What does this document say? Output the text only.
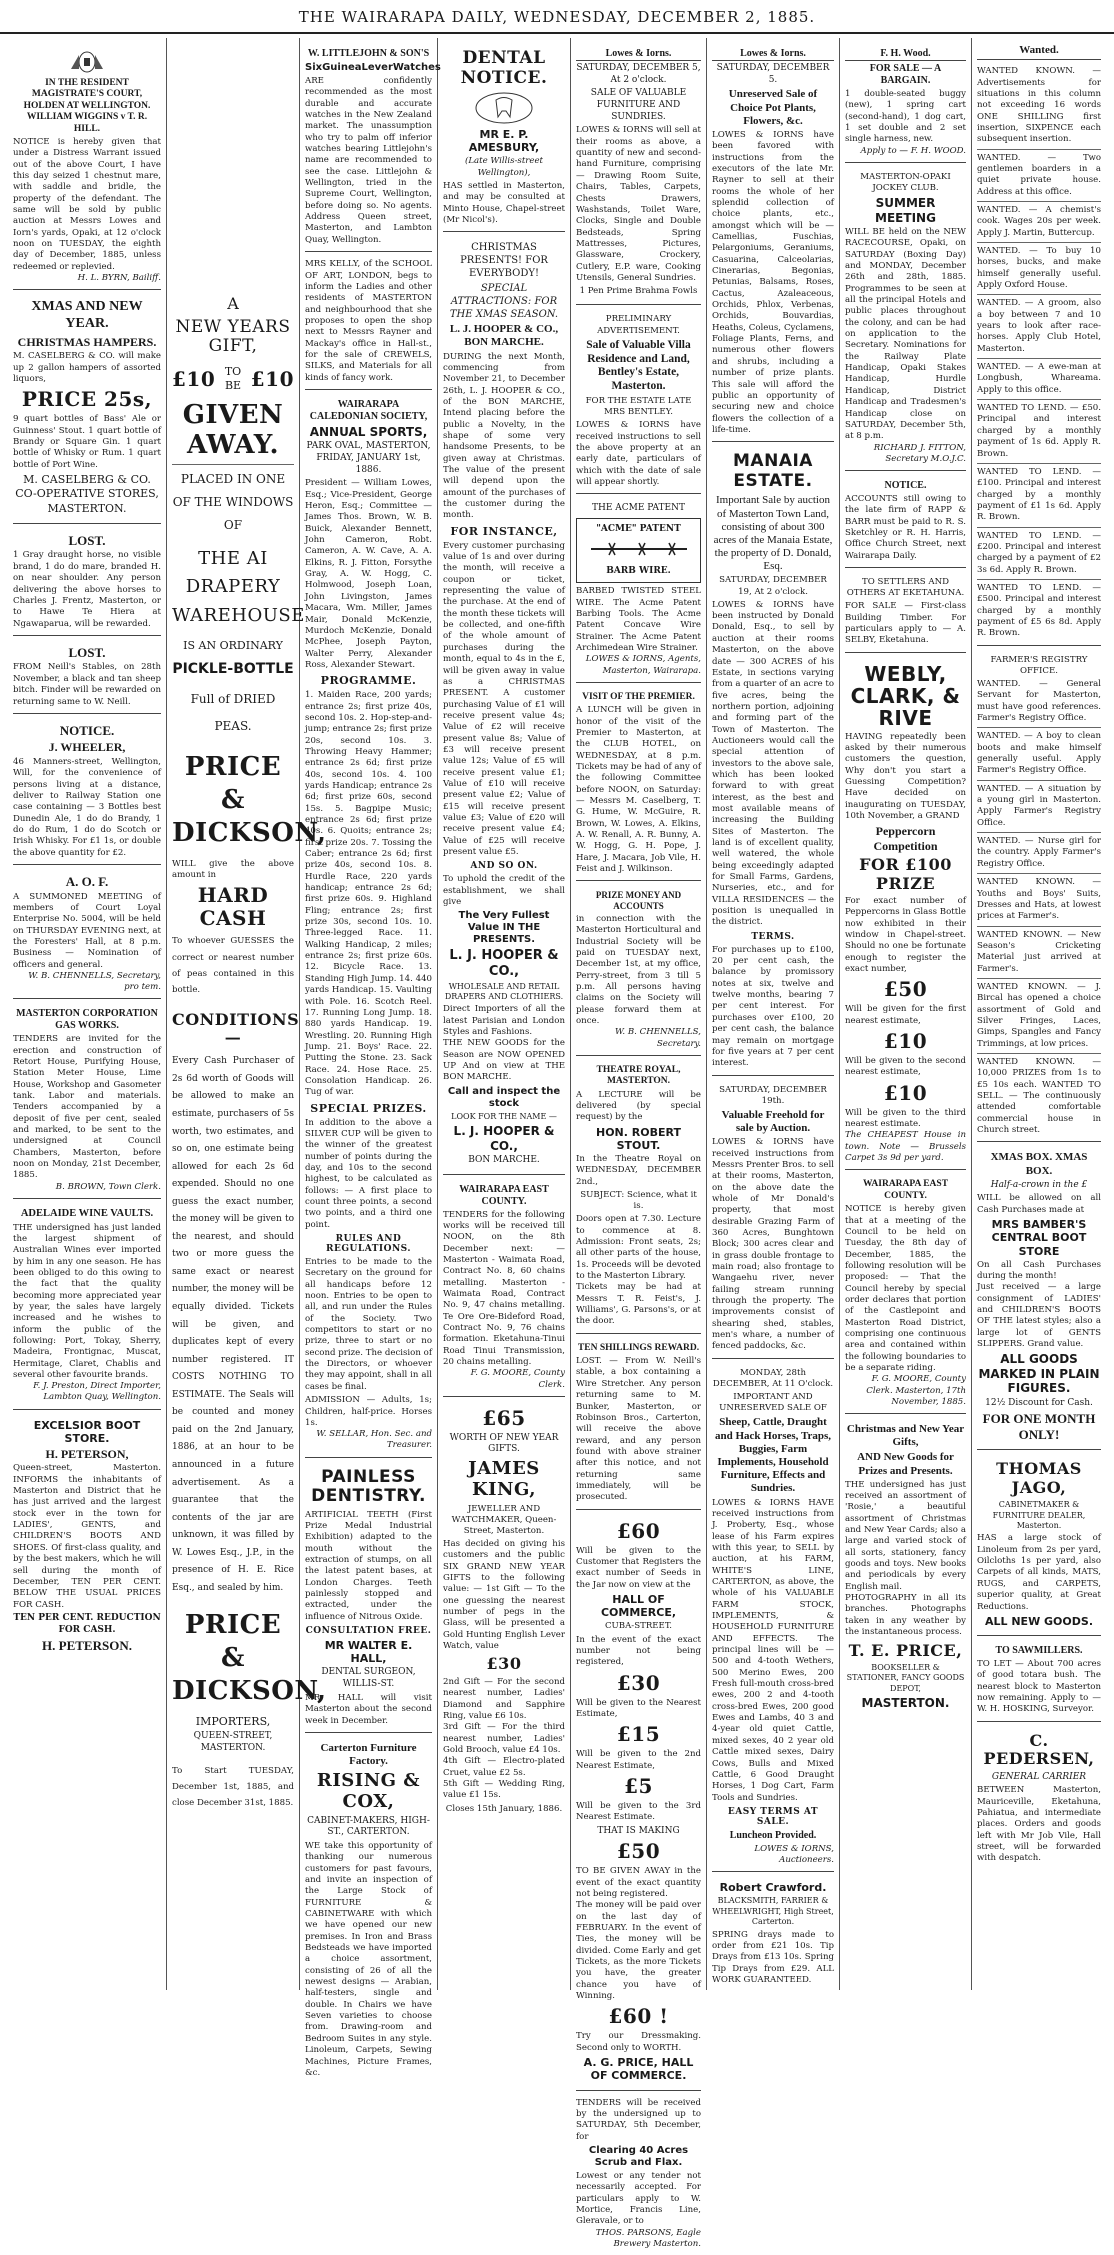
THE WAIRARAPA DAILY, WEDNESDAY, DECEMBER 2, 1885.
IN THE RESIDENT MAGISTRATE'S COURT, HOLDEN AT WELLINGTON. WILLIAM WIGGINS v T. R. HILL.
NOTICE is hereby given that under a Distress Warrant issued out of the above Court, I have this day seized 1 chestnut mare, with saddle and bridle, the property of the defendant. The same will be sold by public auction at Messrs Lowes and Iorn's yards, Opaki, at 12 o'clock noon on TUESDAY, the eighth day of December, 1885, unless redeemed or replevied.
H. L. BYRN, Bailiff.
XMAS AND NEW YEAR.
CHRISTMAS HAMPERS.
M. CASELBERG & CO. will make up 2 gallon hampers of assorted liquors,
PRICE 25s,
9 quart bottles of Bass' Ale or Guinness' Stout. 1 quart bottle of Brandy or Square Gin. 1 quart bottle of Whisky or Rum. 1 quart bottle of Port Wine.
M. CASELBERG & CO. CO-OPERATIVE STORES, MASTERTON.
LOST.
1 Gray draught horse, no visible brand, 1 do do mare, branded H. on near shoulder. Any person delivering the above horses to Charles J. Frentz, Masterton, or to Hawe Te Hiera at Ngawaparua, will be rewarded.
LOST.
FROM Neill's Stables, on 28th November, a black and tan sheep bitch. Finder will be rewarded on returning same to W. Neill.
NOTICE.
J. WHEELER,
46 Manners-street, Wellington, Will, for the convenience of persons living at a distance, deliver to Railway Station one case containing — 3 Bottles best Dunedin Ale, 1 do do Brandy, 1 do do Rum, 1 do do Scotch or Irish Whisky. For £1 1s, or double the above quantity for £2.
A. O. F.
A SUMMONED MEETING of members of Court Loyal Enterprise No. 5004, will be held on THURSDAY EVENING next, at the Foresters' Hall, at 8 p.m. Business — Nomination of officers and general.
W. B. CHENNELLS, Secretary, pro tem.
MASTERTON CORPORATION GAS WORKS.
TENDERS are invited for the erection and construction of Retort House, Purifying House, Station Meter House, Lime House, Workshop and Gasometer tank. Labor and materials. Tenders accompanied by a deposit of five per cent, sealed and marked, to be sent to the undersigned at Council Chambers, Masterton, before noon on Monday, 21st December, 1885.
B. BROWN, Town Clerk.
ADELAIDE WINE VAULTS.
THE undersigned has just landed the largest shipment of Australian Wines ever imported by him in any one season. He has been obliged to do this owing to the fact that the quality becoming more appreciated year by year, the sales have largely increased and he wishes to inform the public of the following: Port, Tokay, Sherry, Madeira, Frontignac, Muscat, Hermitage, Claret, Chablis and several other favourite brands.
F. J. Preston, Direct Importer, Lambton Quay, Wellington.
EXCELSIOR BOOT STORE.
H. PETERSON,
Queen-street, Masterton. INFORMS the inhabitants of Masterton and District that he has just arrived and the largest stock ever in the town for LADIES', GENTS, and CHILDREN'S BOOTS AND SHOES. Of first-class quality, and by the best makers, which he will sell during the month of December, TEN PER CENT. BELOW THE USUAL PRICES FOR CASH.
TEN PER CENT. REDUCTION FOR CASH.
H. PETERSON.
A
NEW YEARS GIFT,
£10 TO BE £10
GIVEN AWAY.
PLACED IN ONE OF THE WINDOWS OF
THE AI DRAPERY WAREHOUSE
IS AN ORDINARY
PICKLE-BOTTLE
Full of DRIED PEAS.
PRICE
&
DICKSON,
WILL give the above amount in
HARD CASH
To whoever GUESSES the correct or nearest number of peas contained in this bottle.
CONDITIONS—
Every Cash Purchaser of 2s 6d worth of Goods will be allowed to make an estimate, purchasers of 5s worth, two estimates, and so on, one estimate being allowed for each 2s 6d expended. Should no one guess the exact number, the money will be given to the nearest, and should two or more guess the same exact or nearest number, the money will be equally divided. Tickets will be given, and duplicates kept of every number registered. IT COSTS NOTHING TO ESTIMATE. The Seals will be counted and money paid on the 2nd January, 1886, at an hour to be announced in a future advertisement. As a guarantee that the contents of the jar are unknown, it was filled by W. Lowes Esq., J.P., in the presence of H. E. Rice Esq., and sealed by him.
PRICE
&
DICKSON,
IMPORTERS,
QUEEN-STREET, MASTERTON.
To Start TUESDAY, December 1st, 1885, and close December 31st, 1885.
W. LITTLEJOHN & SON'S
SixGuineaLeverWatches
ARE confidently recommended as the most durable and accurate watches in the New Zealand market. The unassumption who try to palm off inferior watches bearing Littlejohn's name are recommended to see the case. Littlejohn & Wellington, tried in the Supreme Court, Wellington, before doing so. No agents. Address Queen street, Masterton, and Lambton Quay, Wellington.
MRS KELLY, of the SCHOOL OF ART, LONDON, begs to inform the Ladies and other residents of MASTERTON and neighbourhood that she proposes to open the shop next to Messrs Rayner and Mackay's office in Hall-st., for the sale of CREWELS, SILKS, and Materials for all kinds of fancy work.
WAIRARAPA CALEDONIAN SOCIETY,
ANNUAL SPORTS,
PARK OVAL, MASTERTON, FRIDAY, JANUARY 1st, 1886.
President — William Lowes, Esq.; Vice-President, George Heron, Esq.; Committee — James Thos. Brown, W. B. Buick, Alexander Bennett, John Cameron, Robt. Cameron, A. W. Cave, A. A. Elkins, R. J. Fitton, Forsythe Gray, A. W. Hogg, C. Holmwood, Joseph Loan, John Livingston, James Macara, Wm. Miller, James Mair, Donald McKenzie, Murdoch McKenzie, Donald McPhee, Joseph Payton, Walter Perry, Alexander Ross, Alexander Stewart.
PROGRAMME.
1. Maiden Race, 200 yards; entrance 2s; first prize 40s, second 10s. 2. Hop-step-and-jump; entrance 2s; first prize 20s, second 10s. 3. Throwing Heavy Hammer; entrance 2s 6d; first prize 40s, second 10s. 4. 100 yards Handicap; entrance 2s 6d; first prize 60s, second 15s. 5. Bagpipe Music; entrance 2s 6d; first prize 40s. 6. Quoits; entrance 2s; first prize 20s. 7. Tossing the Caber; entrance 2s 6d; first prize 40s, second 10s. 8. Hurdle Race, 220 yards handicap; entrance 2s 6d; first prize 60s. 9. Highland Fling; entrance 2s; first prize 30s, second 10s. 10. Three-legged Race. 11. Walking Handicap, 2 miles; entrance 2s; first prize 60s. 12. Bicycle Race. 13. Standing High Jump. 14. 440 yards Handicap. 15. Vaulting with Pole. 16. Scotch Reel. 17. Running Long Jump. 18. 880 yards Handicap. 19. Wrestling. 20. Running High Jump. 21. Boys' Race. 22. Putting the Stone. 23. Sack Race. 24. Hose Race. 25. Consolation Handicap. 26. Tug of war.
SPECIAL PRIZES.
In addition to the above a SILVER CUP will be given to the winner of the greatest number of points during the day, and 10s to the second highest, to be calculated as follows: — A first place to count three points, a second two points, and a third one point.
RULES AND REGULATIONS.
Entries to be made to the Secretary on the ground for all handicaps before 12 noon. Entries to be open to all, and run under the Rules of the Society. Two competitors to start or no prize, three to start or no second prize. The decision of the Directors, or whoever they may appoint, shall in all cases be final.
ADMISSION — Adults, 1s; Children, half-price. Horses 1s.
W. SELLAR, Hon. Sec. and Treasurer.
PAINLESS DENTISTRY.
ARTIFICIAL TEETH (First Prize Medal Industrial Exhibition) adapted to the mouth without the extraction of stumps, on all the latest patent bases, at London Charges. Teeth painlessly stopped and extracted, under the influence of Nitrous Oxide.
CONSULTATION FREE.
MR WALTER E. HALL,
DENTAL SURGEON, WILLIS-ST.
MR HALL will visit Masterton about the second week in December.
Carterton Furniture Factory.
RISING & COX,
CABINET-MAKERS, HIGH-ST., CARTERTON.
WE take this opportunity of thanking our numerous customers for past favours, and invite an inspection of the Large Stock of FURNITURE & CABINETWARE with which we have opened our new premises. In Iron and Brass Bedsteads we have imported a choice assortment, consisting of 26 of all the newest designs — Arabian, half-testers, single and double. In Chairs we have Seven varieties to choose from. Drawing-room and Bedroom Suites in any style. Linoleum, Carpets, Sewing Machines, Picture Frames, &c.
DENTAL NOTICE.
MR E. P. AMESBURY,
(Late Willis-street Wellington),
HAS settled in Masterton, and may be consulted at Minto House, Chapel-street (Mr Nicol's).
CHRISTMAS PRESENTS! FOR EVERYBODY!
SPECIAL ATTRACTIONS: FOR THE XMAS SEASON.
L. J. HOOPER & CO., BON MARCHE.
DURING the next Month, commencing from November 21, to December 26th, L. J. HOOPER & CO., of the BON MARCHE, Intend placing before the public a Novelty, in the shape of some very handsome Presents, to be given away at Christmas. The value of the present will depend upon the amount of the purchases of the customer during the month.
FOR INSTANCE,
Every customer purchasing value of 1s and over during the month, will receive a coupon or ticket, representing the value of the purchase. At the end of the month these tickets will be collected, and one-fifth of the whole amount of purchases during the month, equal to 4s in the £, will be given away in value as a CHRISTMAS PRESENT. A customer purchasing Value of £1 will receive present value 4s; Value of £2 will receive present value 8s; Value of £3 will receive present value 12s; Value of £5 will receive present value £1; Value of £10 will receive present value £2; Value of £15 will receive present value £3; Value of £20 will receive present value £4; Value of £25 will receive present value £5.
AND SO ON.
To uphold the credit of the establishment, we shall give
The Very Fullest Value IN THE PRESENTS.
L. J. HOOPER & CO.,
WHOLESALE AND RETAIL DRAPERS AND CLOTHIERS.
Direct Importers of all the latest Parisian and London Styles and Fashions.
THE NEW GOODS for the Season are NOW OPENED UP And on view at THE BON MARCHE.
Call and inspect the stock
LOOK FOR THE NAME —
L. J. HOOPER & CO.,
BON MARCHE.
WAIRARAPA EAST COUNTY.
TENDERS for the following works will be received till NOON, on the 8th December next: — Masterton - Waimata Road, Contract No. 8, 60 chains metalling. Masterton - Waimata Road, Contract No. 9, 47 chains metalling. Te Ore Ore-Bideford Road, Contract No. 9, 76 chains formation. Eketahuna-Tinui Road Tinui Transmission, 20 chains metalling.
F. G. MOORE, County Clerk.
£65
WORTH OF NEW YEAR GIFTS.
JAMES KING,
JEWELLER AND WATCHMAKER, Queen-Street, Masterton.
Has decided on giving his customers and the public SIX GRAND NEW YEAR GIFTS to the following value: — 1st Gift — To the one guessing the nearest number of pegs in the Glass, will be presented a Gold Hunting English Lever Watch, value
£30
2nd Gift — For the second nearest number, Ladies' Diamond and Sapphire Ring, value £6 10s.
3rd Gift — For the third nearest number, Ladies' Gold Brooch, value £4 10s.
4th Gift — Electro-plated Cruet, value £2 5s.
5th Gift — Wedding Ring, value £1 15s.
Closes 15th January, 1886.
Lowes & Iorns.
SATURDAY, DECEMBER 5, At 2 o'clock.
SALE OF VALUABLE FURNITURE AND SUNDRIES.
LOWES & IORNS will sell at their rooms as above, a quantity of new and second-hand Furniture, comprising — Drawing Room Suite, Chairs, Tables, Carpets, Chests Drawers, Washstands, Toilet Ware, Clocks, Single and Double Bedsteads, Spring Mattresses, Pictures, Glassware, Crockery, Cutlery, E.P. ware, Cooking Utensils, General Sundries.
1 Pen Prime Brahma Fowls
PRELIMINARY ADVERTISEMENT.
Sale of Valuable Villa Residence and Land, Bentley's Estate, Masterton.
FOR THE ESTATE LATE MRS BENTLEY.
LOWES & IORNS have received instructions to sell the above property at an early date, particulars of which with the date of sale will appear shortly.
THE ACME PATENT
"ACME" PATENT
BARB WIRE.
BARBED TWISTED STEEL WIRE. The Acme Patent Barbing Tools. The Acme Patent Concave Wire Strainer. The Acme Patent Archimedean Wire Strainer.
LOWES & IORNS, Agents, Masterton, Wairarapa.
VISIT OF THE PREMIER.
A LUNCH will be given in honor of the visit of the Premier to Masterton, at the CLUB HOTEL, on WEDNESDAY, at 8 p.m. Tickets may be had of any of the following Committee before NOON, on Saturday: — Messrs M. Caselberg, T. G. Hume, W. McGuire, R. Brown, W. Lowes, A. Elkins, A. W. Renall, A. R. Bunny, A. W. Hogg, G. H. Pope, J. Hare, J. Macara, Job Vile, H. Feist and J. Wilkinson.
PRIZE MONEY AND ACCOUNTS
in connection with the Masterton Horticultural and Industrial Society will be paid on TUESDAY next, December 1st, at my office, Perry-street, from 3 till 5 p.m. All persons having claims on the Society will please forward them at once.
W. B. CHENNELLS, Secretary.
THEATRE ROYAL, MASTERTON.
A LECTURE will be delivered (by special request) by the
HON. ROBERT STOUT.
In the Theatre Royal on WEDNESDAY, DECEMBER 2nd.,
SUBJECT: Science, what it is.
Doors open at 7.30. Lecture to commence at 8. Admission: Front seats, 2s; all other parts of the house, 1s. Proceeds will be devoted to the Masterton Library.
Tickets may be had at Messrs T. R. Feist's, J. Williams', G. Parsons's, or at the door.
TEN SHILLINGS REWARD.
LOST. — From W. Neill's stable, a box containing a Wire Stretcher. Any person returning same to M. Bunker, Masterton, or Robinson Bros., Carterton, will receive the above reward, and any person found with above strainer after this notice, and not returning same immediately, will be prosecuted.
£60
Will be given to the Customer that Registers the exact number of Seeds in the Jar now on view at the
HALL OF COMMERCE,
CUBA-STREET.
In the event of the exact number not being registered,
£30
Will be given to the Nearest Estimate,
£15
Will be given to the 2nd Nearest Estimate,
£5
Will be given to the 3rd Nearest Estimate.
THAT IS MAKING
£50
TO BE GIVEN AWAY in the event of the exact quantity not being registered.
The money will be paid over on the last day of FEBRUARY. In the event of Ties, the money will be divided. Come Early and get Tickets, as the more Tickets you have, the greater chance you have of Winning.
£60 !
Try our Dressmaking. Second only to WORTH.
A. G. PRICE, HALL OF COMMERCE.
TENDERS will be received by the undersigned up to SATURDAY, 5th December, for
Clearing 40 Acres Scrub and Flax.
Lowest or any tender not necessarily accepted. For particulars apply to W. Mortice, Francis Line, Gleravale, or to
THOS. PARSONS, Eagle Brewery Masterton.
Lowes & Iorns.
SATURDAY, DECEMBER 5.
Unreserved Sale of Choice Pot Plants, Flowers, &c.
LOWES & IORNS have been favored with instructions from the executors of the late Mr. Rayner to sell at their rooms the whole of her splendid collection of choice plants, etc., amongst which will be — Camellias, Fuschias, Pelargoniums, Geraniums, Casuarina, Calceolarias, Cinerarias, Begonias, Petunias, Balsams, Roses, Cactus, Azaleaceous, Orchids, Phlox, Verbenas, Orchids, Bouvardias, Heaths, Coleus, Cyclamens, Foliage Plants, Ferns, and numerous other flowers and shrubs, including a number of prize plants. This sale will afford the public an opportunity of securing new and choice flowers the collection of a life-time.
MANAIA ESTATE.
Important Sale by auction of Masterton Town Land, consisting of about 300 acres of the Manaia Estate, the property of D. Donald, Esq.
SATURDAY, DECEMBER 19, At 2 o'clock.
LOWES & IORNS have been instructed by Donald Donald, Esq., to sell by auction at their rooms Masterton, on the above date — 300 ACRES of his Estate, in sections varying from a quarter of an acre to five acres, being the northern portion, adjoining and forming part of the Town of Masterton. The Auctioneers would call the special attention of investors to the above sale, which has been looked forward to with great interest, as the best and most available means of increasing the Building Sites of Masterton. The land is of excellent quality, well watered, the whole being exceedingly adapted for Small Farms, Gardens, Nurseries, etc., and for VILLA RESIDENCES — the position is unequalled in the district.
TERMS.
For purchases up to £100, 20 per cent cash, the balance by promissory notes at six, twelve and twelve months, bearing 7 per cent interest. For purchases over £100, 20 per cent cash, the balance may remain on mortgage for five years at 7 per cent interest.
SATURDAY, DECEMBER 19th.
Valuable Freehold for sale by Auction.
LOWES & IORNS have received instructions from Messrs Prenter Bros. to sell at their rooms, Masterton, on the above date the whole of Mr Donald's property, that most desirable Grazing Farm of 360 Acres, Bunghtown Block; 300 acres clear and in grass double frontage to main road; also frontage to Wangaehu river, never failing stream running through the property. The improvements consist of shearing shed, stables, men's whare, a number of fenced paddocks, &c.
MONDAY, 28th DECEMBER, At 11 O'clock.
IMPORTANT AND UNRESERVED SALE OF
Sheep, Cattle, Draught and Hack Horses, Traps, Buggies, Farm Implements, Household Furniture, Effects and Sundries.
LOWES & IORNS HAVE received instructions from J. Proberty, Esq., whose lease of his Farm expires with this year, to SELL by auction, at his FARM, WHITE'S LINE, CARTERTON, as above, the whole of his VALUABLE FARM STOCK, IMPLEMENTS, & HOUSEHOLD FURNITURE AND EFFECTS. The principal lines will be — 500 and 4-tooth Wethers, 500 Merino Ewes, 200 Fresh full-mouth cross-bred ewes, 200 2 and 4-tooth cross-bred Ewes, 200 good Ewes and Lambs, 40 3 and 4-year old quiet Cattle, mixed sexes, 40 2 year old Cattle mixed sexes, Dairy Cows, Bulls and Mixed Cattle, 6 Good Draught Horses, 1 Dog Cart, Farm Tools and Sundries.
EASY TERMS AT SALE.
Luncheon Provided.
LOWES & IORNS, Auctioneers.
Robert Crawford.
BLACKSMITH, FARRIER & WHEELWRIGHT, High Street, Carterton.
SPRING drays made to order from £21 10s. Tip Drays from £13 10s. Spring Tip Drays from £29. ALL WORK GUARANTEED.
F. H. Wood.
FOR SALE — A BARGAIN.
1 double-seated buggy (new), 1 spring cart (second-hand), 1 dog cart, 1 set double and 2 set single harness, new.
Apply to — F. H. WOOD.
MASTERTON-OPAKI JOCKEY CLUB.
SUMMER MEETING
WILL BE held on the NEW RACECOURSE, Opaki, on SATURDAY (Boxing Day) and MONDAY, December 26th and 28th, 1885. Programmes to be seen at all the principal Hotels and public places throughout the colony, and can be had on application to the Secretary. Nominations for the Railway Plate Handicap, Opaki Stakes Handicap, Hurdle Handicap, District Handicap and Tradesmen's Handicap close on SATURDAY, December 5th, at 8 p.m.
RICHARD J. FITTON, Secretary M.O.J.C.
NOTICE.
ACCOUNTS still owing to the late firm of RAPP & BARR must be paid to R. S. Sketchley or R. H. Harris, Office Church Street, next Wairarapa Daily.
TO SETTLERS AND OTHERS AT EKETAHUNA.
FOR SALE — First-class Building Timber. For particulars apply to — A. SELBY, Eketahuna.
WEBLY, CLARK, & RIVE
HAVING repeatedly been asked by their numerous customers the question, Why don't you start a Guessing Competition? Have decided on inaugurating on TUESDAY, 10th November, a GRAND
Peppercorn Competition
FOR £100 PRIZE
For exact number of Peppercorns in Glass Bottle now exhibited in their window in Chapel-street. Should no one be fortunate enough to register the exact number,
£50
Will be given for the first nearest estimate,
£10
Will be given to the second nearest estimate,
£10
Will be given to the third nearest estimate.
The CHEAPEST House in town. Note — Brussels Carpet 3s 9d per yard.
WAIRARAPA EAST COUNTY.
NOTICE is hereby given that at a meeting of the Council to be held on Tuesday, the 8th day of December, 1885, the following resolution will be proposed: — That the Council hereby by special order declares that portion of the Castlepoint and Masterton Road District, comprising one continuous area and contained within the following boundaries to be a separate riding.
F. G. MOORE, County Clerk. Masterton, 17th November, 1885.
Christmas and New Year Gifts,
AND New Goods for Prizes and Presents.
THE undersigned has just received an assortment of 'Rosie,' a beautiful assortment of Christmas and New Year Cards; also a large and varied stock of all sorts, stationery, fancy goods and toys. New books and periodicals by every English mail.
PHOTOGRAPHY in all its branches. Photographs taken in any weather by the instantaneous process.
T. E. PRICE,
BOOKSELLER & STATIONER, FANCY GOODS DEPOT,
MASTERTON.
Wanted.
WANTED KNOWN. — Advertisements for situations in this column not exceeding 16 words ONE SHILLING first insertion, SIXPENCE each subsequent insertion.
WANTED. — Two gentlemen boarders in a quiet private house. Address at this office.
WANTED. — A chemist's cook. Wages 20s per week. Apply J. Martin, Buttercup.
WANTED. — To buy 10 horses, bucks, and make himself generally useful. Apply Oxford House.
WANTED. — A groom, also a boy between 7 and 10 years to look after race-horses. Apply Club Hotel, Masterton.
WANTED. — A ewe-man at Longbush, Whareama. Apply to this office.
WANTED TO LEND. — £50. Principal and interest charged by a monthly payment of 1s 6d. Apply R. Brown.
WANTED TO LEND. — £100. Principal and interest charged by a monthly payment of £1 1s 6d. Apply R. Brown.
WANTED TO LEND. — £200. Principal and interest charged by a payment of £2 3s 6d. Apply R. Brown.
WANTED TO LEND. — £500. Principal and interest charged by a monthly payment of £5 6s 8d. Apply R. Brown.
FARMER'S REGISTRY OFFICE.
WANTED. — General Servant for Masterton, must have good references. Farmer's Registry Office.
WANTED. — A boy to clean boots and make himself generally useful. Apply Farmer's Registry Office.
WANTED. — A situation by a young girl in Masterton. Apply Farmer's Registry Office.
WANTED. — Nurse girl for the country. Apply Farmer's Registry Office.
WANTED KNOWN. — Youths and Boys' Suits, Dresses and Hats, at lowest prices at Farmer's.
WANTED KNOWN. — New Season's Cricketing Material just arrived at Farmer's.
WANTED KNOWN. — J. Bircal has opened a choice assortment of Gold and Silver Fringes, Laces, Gimps, Spangles and Fancy Trimmings, at low prices.
WANTED KNOWN. — 10,000 PRIZES from 1s to £5 10s each. WANTED TO SELL. — The continuously attended comfortable commercial house in Church street.
XMAS BOX. XMAS BOX.
Half-a-crown in the £
WILL be allowed on all Cash Purchases made at
MRS BAMBER'S CENTRAL BOOT STORE
On all Cash Purchases during the month!
Just received — a large consignment of LADIES' and CHILDREN'S BOOTS OF THE latest styles; also a large lot of GENTS SLIPPERS. Grand value.
ALL GOODS MARKED IN PLAIN FIGURES.
12½ Discount for Cash.
FOR ONE MONTH ONLY!
THOMAS JAGO,
CABINETMAKER & FURNITURE DEALER, Masterton.
HAS a large stock of Linoleum from 2s per yard, Oilcloths 1s per yard, also Carpets of all kinds, MATS, RUGS, and CARPETS, superior quality, at Great Reductions.
ALL NEW GOODS.
TO SAWMILLERS.
TO LET — About 700 acres of good totara bush. The nearest block to Masterton now remaining. Apply to — W. H. HOSKING, Surveyor.
C. PEDERSEN,
GENERAL CARRIER
BETWEEN Masterton, Mauriceville, Eketahuna, Pahiatua, and intermediate places. Orders and goods left with Mr Job Vile, Hall street, will be forwarded with despatch.
